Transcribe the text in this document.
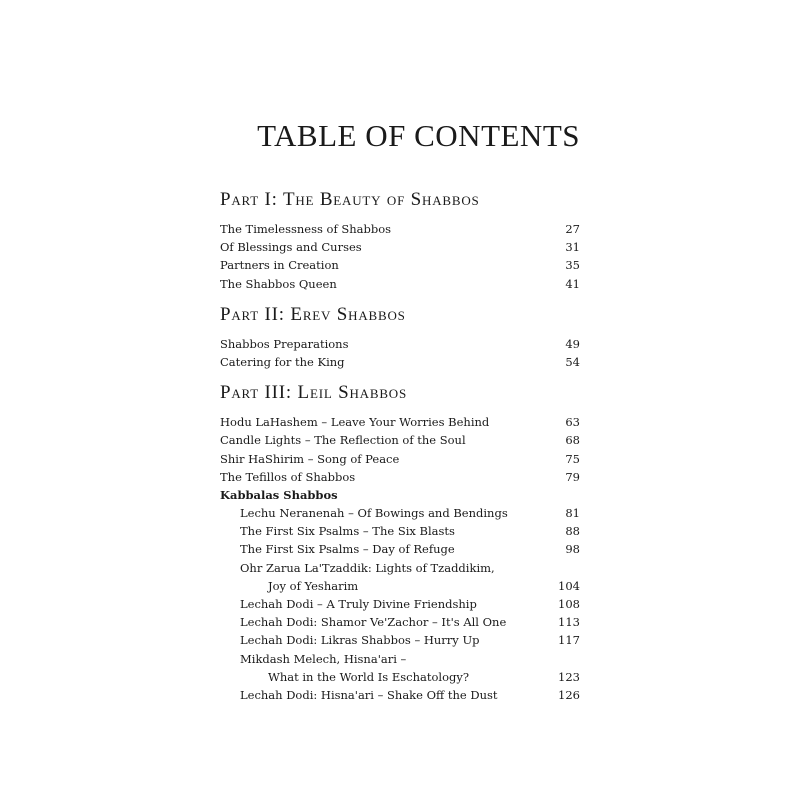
TABLE OF CONTENTS
Part I: The Beauty of Shabbos
The Timelessness of Shabbos	27
Of Blessings and Curses	31
Partners in Creation	35
The Shabbos Queen	41
Part II: Erev Shabbos
Shabbos Preparations	49
Catering for the King	54
Part III: Leil Shabbos
Hodu LaHashem – Leave Your Worries Behind	63
Candle Lights – The Reflection of the Soul	68
Shir HaShirim – Song of Peace	75
The Tefillos of Shabbos	79
Kabbalas Shabbos
Lechu Neranenah – Of Bowings and Bendings	81
The First Six Psalms – The Six Blasts	88
The First Six Psalms – Day of Refuge	98
Ohr Zarua La'Tzaddik: Lights of Tzaddikim,
Joy of Yesharim	104
Lechah Dodi – A Truly Divine Friendship	108
Lechah Dodi: Shamor Ve'Zachor – It's All One	113
Lechah Dodi: Likras Shabbos – Hurry Up	117
Mikdash Melech, Hisna'ari –
What in the World Is Eschatology?	123
Lechah Dodi: Hisna'ari – Shake Off the Dust	126
